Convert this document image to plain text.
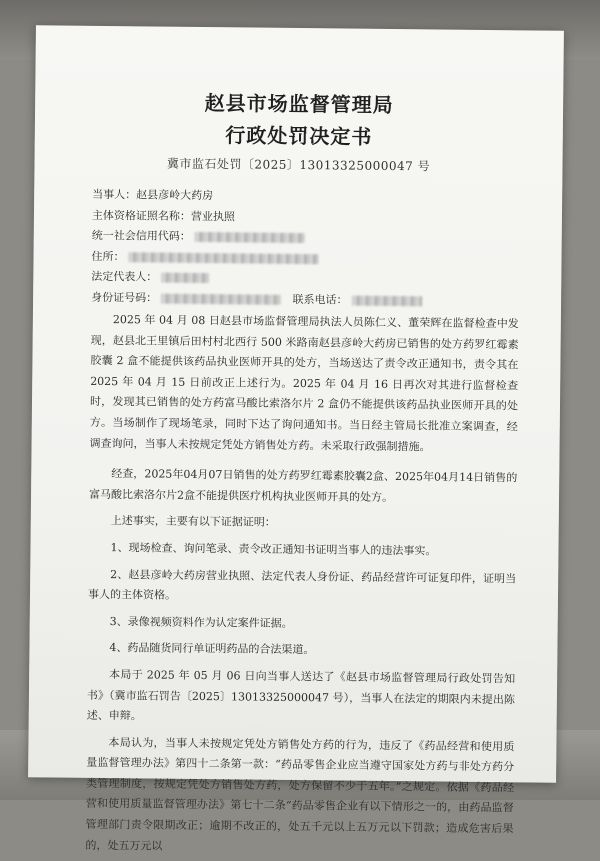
赵县市场监督管理局
行政处罚决定书
冀市监石处罚〔2025〕13013325000047 号
当事人：赵县彦岭大药房
主体资格证照名称：营业执照
统一社会信用代码：
住所：
法定代表人：
身份证号码：	联系电话：

2025 年 04 月 08 日赵县市场监督管理局执法人员陈仁义、董荣辉在监督检查中发现，赵县北王里镇后田村村北西行 500 米路南赵县彦岭大药房已销售的处方药罗红霉素胶囊 2 盒不能提供该药品执业医师开具的处方，当场送达了责令改正通知书，责令其在 2025 年 04 月 15 日前改正上述行为。2025 年 04 月 16 日再次对其进行监督检查时，发现其已销售的处方药富马酸比索洛尔片 2 盒仍不能提供该药品执业医师开具的处方。当场制作了现场笔录，同时下达了询问通知书。当日经主管局长批准立案调查，经调查询问，当事人未按规定凭处方销售处方药。未采取行政强制措施。

经查，2025年04月07日销售的处方药罗红霉素胶囊2盒、2025年04月14日销售的富马酸比索洛尔片2盒不能提供医疗机构执业医师开具的处方。

上述事实，主要有以下证据证明：

1、现场检查、询问笔录、责令改正通知书证明当事人的违法事实。

2、赵县彦岭大药房营业执照、法定代表人身份证、药品经营许可证复印件，证明当事人的主体资格。

3、录像视频资料作为认定案件证据。

4、药品随货同行单证明药品的合法渠道。

本局于 2025 年 05 月 06 日向当事人送达了《赵县市场监督管理局行政处罚告知书》（冀市监石罚告〔2025〕13013325000047 号），当事人在法定的期限内未提出陈述、申辩。

本局认为，当事人未按规定凭处方销售处方药的行为，违反了《药品经营和使用质量监督管理办法》第四十二条第一款：“药品零售企业应当遵守国家处方药与非处方药分类管理制度，按规定凭处方销售处方药，处方保留不少于五年。”之规定。依据《药品经营和使用质量监督管理办法》第七十二条“药品零售企业有以下情形之一的，由药品监督管理部门责令限期改正；逾期不改正的，处五千元以上五万元以下罚款；造成危害后果的，处五万元以
